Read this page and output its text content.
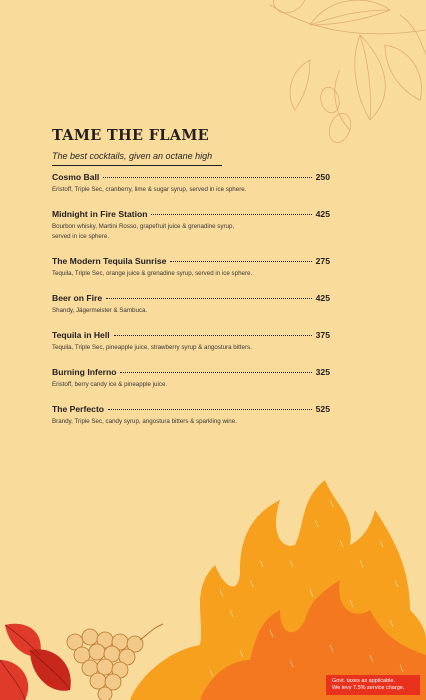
TAME THE FLAME
The best cocktails, given an octane high
Cosmo Ball	250
Eristoff, Triple Sec, cranberry, lime & sugar syrup, served in ice sphere.
Midnight in Fire Station	425
Bourbon whisky, Martini Rosso, grapefruit juice & grenadine syrup,
served in ice sphere.
The Modern Tequila Sunrise	275
Tequila, Triple Sec, orange juice & grenadine syrup, served in ice sphere.
Beer on Fire	425
Shandy, Jägermeister & Sambuca.
Tequila in Hell	375
Tequila, Triple Sec, pineapple juice, strawberry syrup & angostura bitters.
Burning Inferno	325
Eristoff, berry candy ice & pineapple juice.
The Perfecto	525
Brandy, Triple Sec, candy syrup, angostura bitters & sparkling wine.
Govt. taxes as applicable.
We levy 7.5% service charge.
